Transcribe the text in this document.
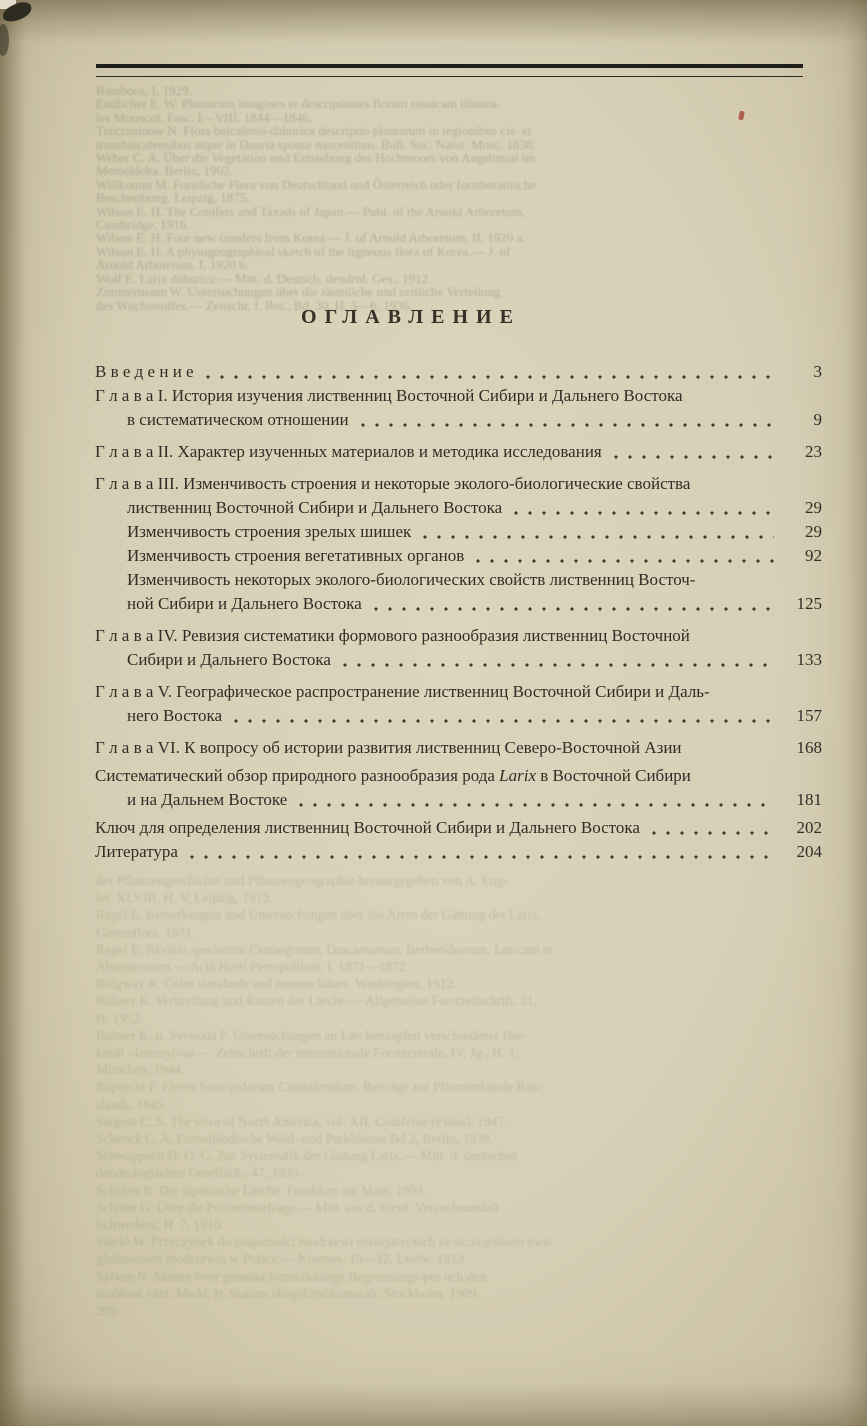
Bamboos, I, 1929.
Endlicher E. W. Plantarum imagines et descriptiones floram rossicam illustra-
les Monocot. Fasc. I—VIII, 1844—1846.
Turczaninow N. Flora baicalensi-dahurica descriptio plantarum in regionibus cis- et
transbaicalensibus atque in Dauria sponte nascentium. Bull. Soc. Natur. Mosc. 1838.
Weber C. A. Über die Vegetation und Entstehung des Hochmoors von Augstumal im
Memeldelta. Berlin, 1902.
Willkomm M. Forstliche Flora von Deutschland und Österreich oder forstbotanische
Beschreibung. Leipzig, 1875.
Wilson E. H. The Conifers and Taxads of Japan.— Publ. of the Arnold Arboretum,
Cambridge, 1916.
Wilson E. H. Four new conifers from Korea.— J. of Arnold Arboretum, II, 1920 a.
Wilson E. H. A phytogeographical sketch of the ligneous flora of Korea.— J. of
Arnold Arboretum, I, 1920 b.
Wolf E. Larix dahurica.— Mitt. d. Deutsch. dendrol. Ges., 1912.
Zimmermann W. Untersuchungen über die räumliche und zeitliche Verteilung
des Wuchsstoffes.— Zeitschr. f. Bot., Bd. 30, H. 5—6, 1936.
ОГЛАВЛЕНИЕ
В в е д е н и е	3
Г л а в а I. История изучения лиственниц Восточной Сибири и Дальнего Востока
в систематическом отношении	9
Г л а в а II. Характер изученных материалов и методика исследования	23
Г л а в а III. Изменчивость строения и некоторые эколого-биологические свойства
лиственниц Восточной Сибири и Дальнего Востока	29
Изменчивость строения зрелых шишек	29
Изменчивость строения вегетативных органов	92
Изменчивость некоторых эколого-биологических свойств лиственниц Восточ-
ной Сибири и Дальнего Востока	125
Г л а в а IV. Ревизия систематики формового разнообразия лиственниц Восточной
Сибири и Дальнего Востока	133
Г л а в а V. Географическое распространение лиственниц Восточной Сибири и Даль-
него Востока	157
Г л а в а VI. К вопросу об истории развития лиственниц Северо-Восточной Азии	168
Систематический обзор природного разнообразия рода Larix в Восточной Сибири
и на Дальнем Востоке	181
Ключ для определения лиственниц Восточной Сибири и Дальнего Востока	202
Литература	204
der Pflanzengeschichte und Pflanzengeographie herausgegeben von A. Eng-
ler, XLVIII, H. V, Leipzig, 1913.
Regel E. Bemerkungen und Untersuchungen über die Arten der Gattung der Larix.
Gartenflora, 1871.
Regel E. Revisio specierum Crataegorum, Dracaenarum, Berberidearum, Laricum et
Abietinearum.— Acta Horti Petropolitani, I, 1871—1872.
Ridgway R. Color standards and nomenclature. Washington, 1912.
Rubner K. Verbreitung und Rassen der Lärche.— Allgemeine Forstzeitschrift, 31,
H. 1952.
Rubner K. u. Svoboda P. Untersuchungen an Lärchenzapfen verschiedener Her-
kunft «Intersylva».— Zeitschrift der internationale Forstzentrale, IV, Jg., H. 1,
München, 1944.
Ruprecht F. Flores Samojedorum Cisuralensium. Beiträge zur Pflanzenkunde Rus-
slands, 1845.
Sargent C. S. The silva of North America, vol. XII. Coniferae (Pinus). 1947.
Schenck C. A. Fremdländische Wald- und Parkbäume Bd 2, Berlin, 1939.
Schwappach H. O. G. Zur Systematik der Gattung Larix.— Mitt. d. deutschen
dendrologischen Gesellsch., 47, 1935.
Schober R. Die japanische Lärche. Frankfurt am Main, 1953.
Schotte G. Über die Provenienzfrage.— Mitt. aus d. forstl. Versuchsanstalt
Schwedens, H. 7, 1910.
Stecki W. Przyczynek do znajomości modrzewi eurazjatyckich ze szczególnem uwz-
ględnieniem modrzewia w Polsce.— Kosmos, 10—12, Lwów, 1913.
Sylvén N. Samter över genuina formbildnings Begrenzungs-per och den
snabbast växt. Medd. fr. Statens skogsförsöksanstalt. Stockholm, 1909.
208
